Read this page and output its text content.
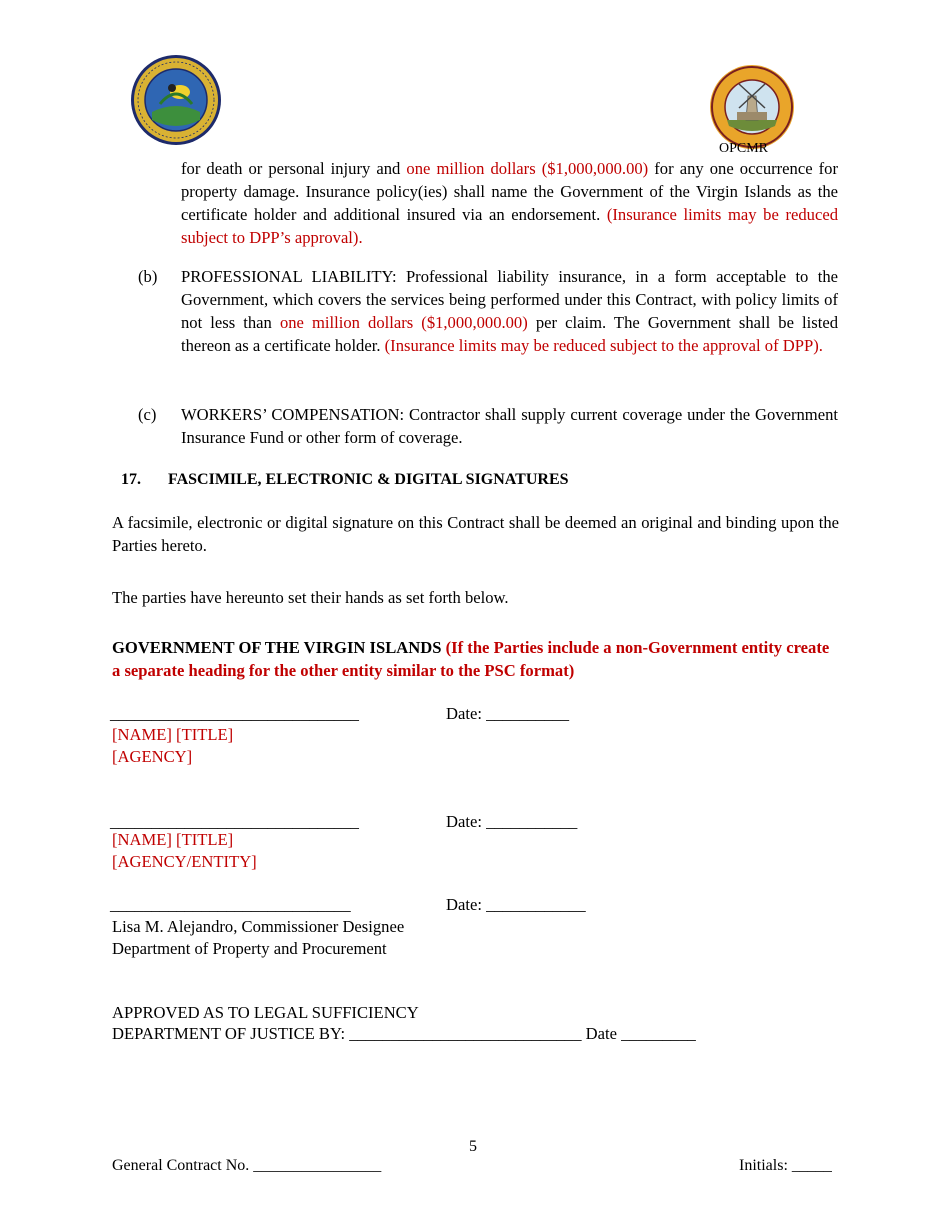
OPCMR

for death or personal injury and one million dollars ($1,000,000.00) for any one occurrence for property damage. Insurance policy(ies) shall name the Government of the Virgin Islands as the certificate holder and additional insured via an endorsement. (Insurance limits may be reduced subject to DPP’s approval).

(b) PROFESSIONAL LIABILITY: Professional liability insurance, in a form acceptable to the Government, which covers the services being performed under this Contract, with policy limits of not less than one million dollars ($1,000,000.00) per claim. The Government shall be listed thereon as a certificate holder. (Insurance limits may be reduced subject to the approval of DPP).

(c) WORKERS’ COMPENSATION: Contractor shall supply current coverage under the Government Insurance Fund or other form of coverage.

17. FASCIMILE, ELECTRONIC & DIGITAL SIGNATURES

A facsimile, electronic or digital signature on this Contract shall be deemed an original and binding upon the Parties hereto.

The parties have hereunto set their hands as set forth below.

GOVERNMENT OF THE VIRGIN ISLANDS (If the Parties include a non-Government entity create a separate heading for the other entity similar to the PSC format)

______________________________	Date: __________
[NAME] [TITLE]
[AGENCY]
______________________________	Date: ___________
[NAME] [TITLE]
[AGENCY/ENTITY]
_____________________________	Date: ____________
Lisa M. Alejandro, Commissioner Designee
Department of Property and Procurement
APPROVED AS TO LEGAL SUFFICIENCY
DEPARTMENT OF JUSTICE BY: ____________________________ Date _________
5
General Contract No. ________________	Initials: _____
